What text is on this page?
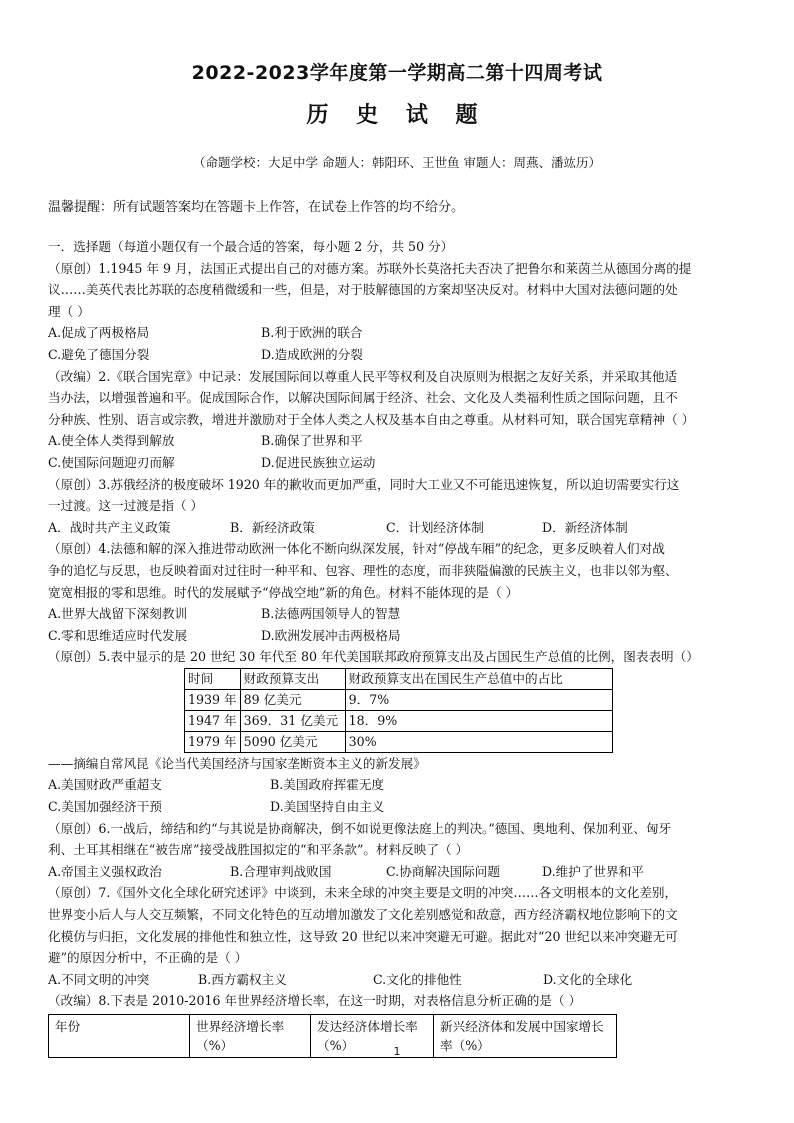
2022-2023学年度第一学期高二第十四周考试
历 史 试 题
（命题学校：大足中学 命题人：韩阳环、王世鱼 审题人：周燕、潘竑历）
温馨提醒：所有试题答案均在答题卡上作答，在试卷上作答的均不给分。

一．选择题（每道小题仅有一个最合适的答案，每小题 2 分，共 50 分）

（原创）1.1945 年 9 月，法国正式提出自己的对德方案。苏联外长莫洛托夫否决了把鲁尔和莱茵兰从德国分离的提

议……美英代表比苏联的态度稍微缓和一些，但是，对于肢解德国的方案却坚决反对。材料中大国对法德问题的处

理（ ）

A.促成了两极格局	B.利于欧洲的联合
C.避免了德国分裂	D.造成欧洲的分裂

（改编）2.《联合国宪章》中记录：发展国际间以尊重人民平等权利及自决原则为根据之友好关系，并采取其他适

当办法，以增强普遍和平。促成国际合作，以解决国际间属于经济、社会、文化及人类福利性质之国际问题，且不

分种族、性别、语言或宗教，增进并激励对于全体人类之人权及基本自由之尊重。从材料可知，联合国宪章精神（ ）

A.使全体人类得到解放	B.确保了世界和平
C.使国际问题迎刃而解	D.促进民族独立运动

（原创）3.苏俄经济的极度破坏 1920 年的歉收而更加严重，同时大工业又不可能迅速恢复，所以迫切需要实行这

一过渡。这一过渡是指（ ）

A．战时共产主义政策	B．新经济政策	C．计划经济体制	D．新经济体制

（原创）4.法德和解的深入推进带动欧洲一体化不断向纵深发展，针对“停战车厢”的纪念，更多反映着人们对战

争的追忆与反思，也反映着面对过往时一种平和、包容、理性的态度，而非狭隘偏激的民族主义，也非以邻为壑、

宽宽相报的零和思维。时代的发展赋予“停战空地”新的角色。材料不能体现的是（ ）

A.世界大战留下深刻教训	B.法德两国领导人的智慧
C.零和思维适应时代发展	D.欧洲发展冲击两极格局

（原创）5.表中显示的是 20 世纪 30 年代至 80 年代美国联邦政府预算支出及占国民生产总值的比例，图表表明（）

时间	财政预算支出	财政预算支出在国民生产总值中的占比
1939 年	89 亿美元	9．7%
1947 年	369．31 亿美元	18．9%
1979 年	5090 亿美元	30%

——摘编自常风昆《论当代美国经济与国家垄断资本主义的新发展》

A.美国财政严重超支	B.美国政府挥霍无度
C.美国加强经济干预	D.美国坚持自由主义

（原创）6.一战后，缔结和约“与其说是协商解决，倒不如说更像法庭上的判决。”德国、奥地利、保加利亚、匈牙

利、土耳其相继在“被告席”接受战胜国拟定的“和平条款”。材料反映了（ ）

A.帝国主义强权政治	B.合理审判战败国	C.协商解决国际问题	D.维护了世界和平

（原创）7.《国外文化全球化研究述评》中谈到，未来全球的冲突主要是文明的冲突……各文明根本的文化差别，

世界变小后人与人交互频繁，不同文化特色的互动增加激发了文化差别感觉和敌意，西方经济霸权地位影响下的文

化模仿与归拒，文化发展的排他性和独立性，这导致 20 世纪以来冲突避无可避。据此对“20 世纪以来冲突避无可

避”的原因分析中，不正确的是（ ）

A.不同文明的冲突	B.西方霸权主义	C.文化的排他性	D.文化的全球化

（改编）8.下表是 2010-2016 年世界经济增长率，在这一时期，对表格信息分析正确的是（ ）

年份	世界经济增长率（%）	发达经济体增长率（%）	新兴经济体和发展中国家增长率（%）
1
